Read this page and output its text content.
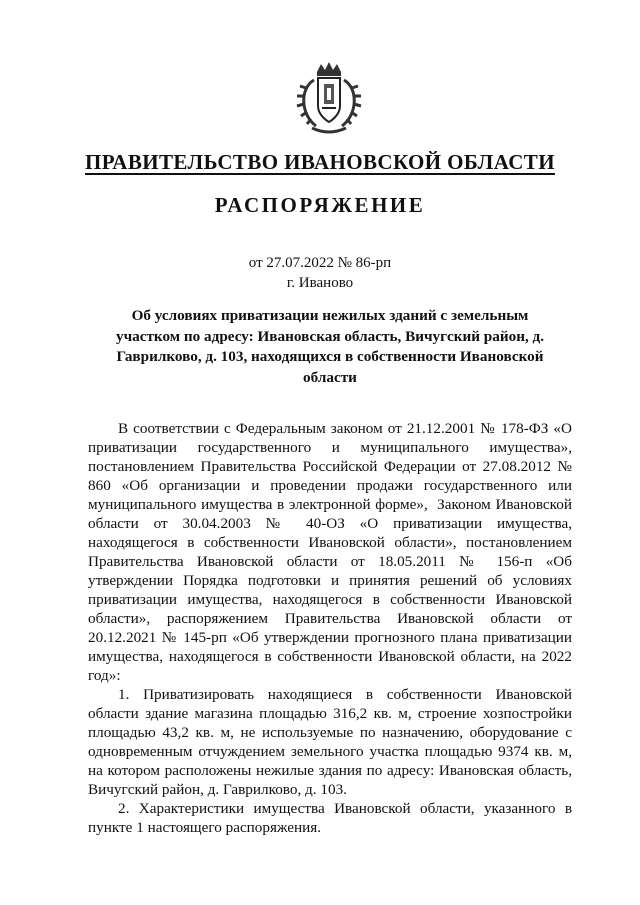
ПРАВИТЕЛЬСТВО ИВАНОВСКОЙ ОБЛАСТИ
РАСПОРЯЖЕНИЕ
от 27.07.2022 № 86-рп
г. Иваново
Об условиях приватизации нежилых зданий с земельным участком по адресу: Ивановская область, Вичугский район, д. Гаврилково, д. 103, находящихся в собственности Ивановской области

В соответствии с Федеральным законом от 21.12.2001 № 178-ФЗ «О приватизации государственного и муниципального имущества», постановлением Правительства Российской Федерации от 27.08.2012 № 860 «Об организации и проведении продажи государственного или муниципального имущества в электронной форме», Законом Ивановской области от 30.04.2003 № 40-ОЗ «О приватизации имущества, находящегося в собственности Ивановской области», постановлением Правительства Ивановской области от 18.05.2011 № 156-п «Об утверждении Порядка подготовки и принятия решений об условиях приватизации имущества, находящегося в собственности Ивановской области», распоряжением Правительства Ивановской области от 20.12.2021 № 145-рп «Об утверждении прогнозного плана приватизации имущества, находящегося в собственности Ивановской области, на 2022 год»:

1. Приватизировать находящиеся в собственности Ивановской области здание магазина площадью 316,2 кв. м, строение хозпостройки площадью 43,2 кв. м, не используемые по назначению, оборудование с одновременным отчуждением земельного участка площадью 9374 кв. м, на котором расположены нежилые здания по адресу: Ивановская область, Вичугский район, д. Гаврилково, д. 103.

2. Характеристики имущества Ивановской области, указанного в пункте 1 настоящего распоряжения.
